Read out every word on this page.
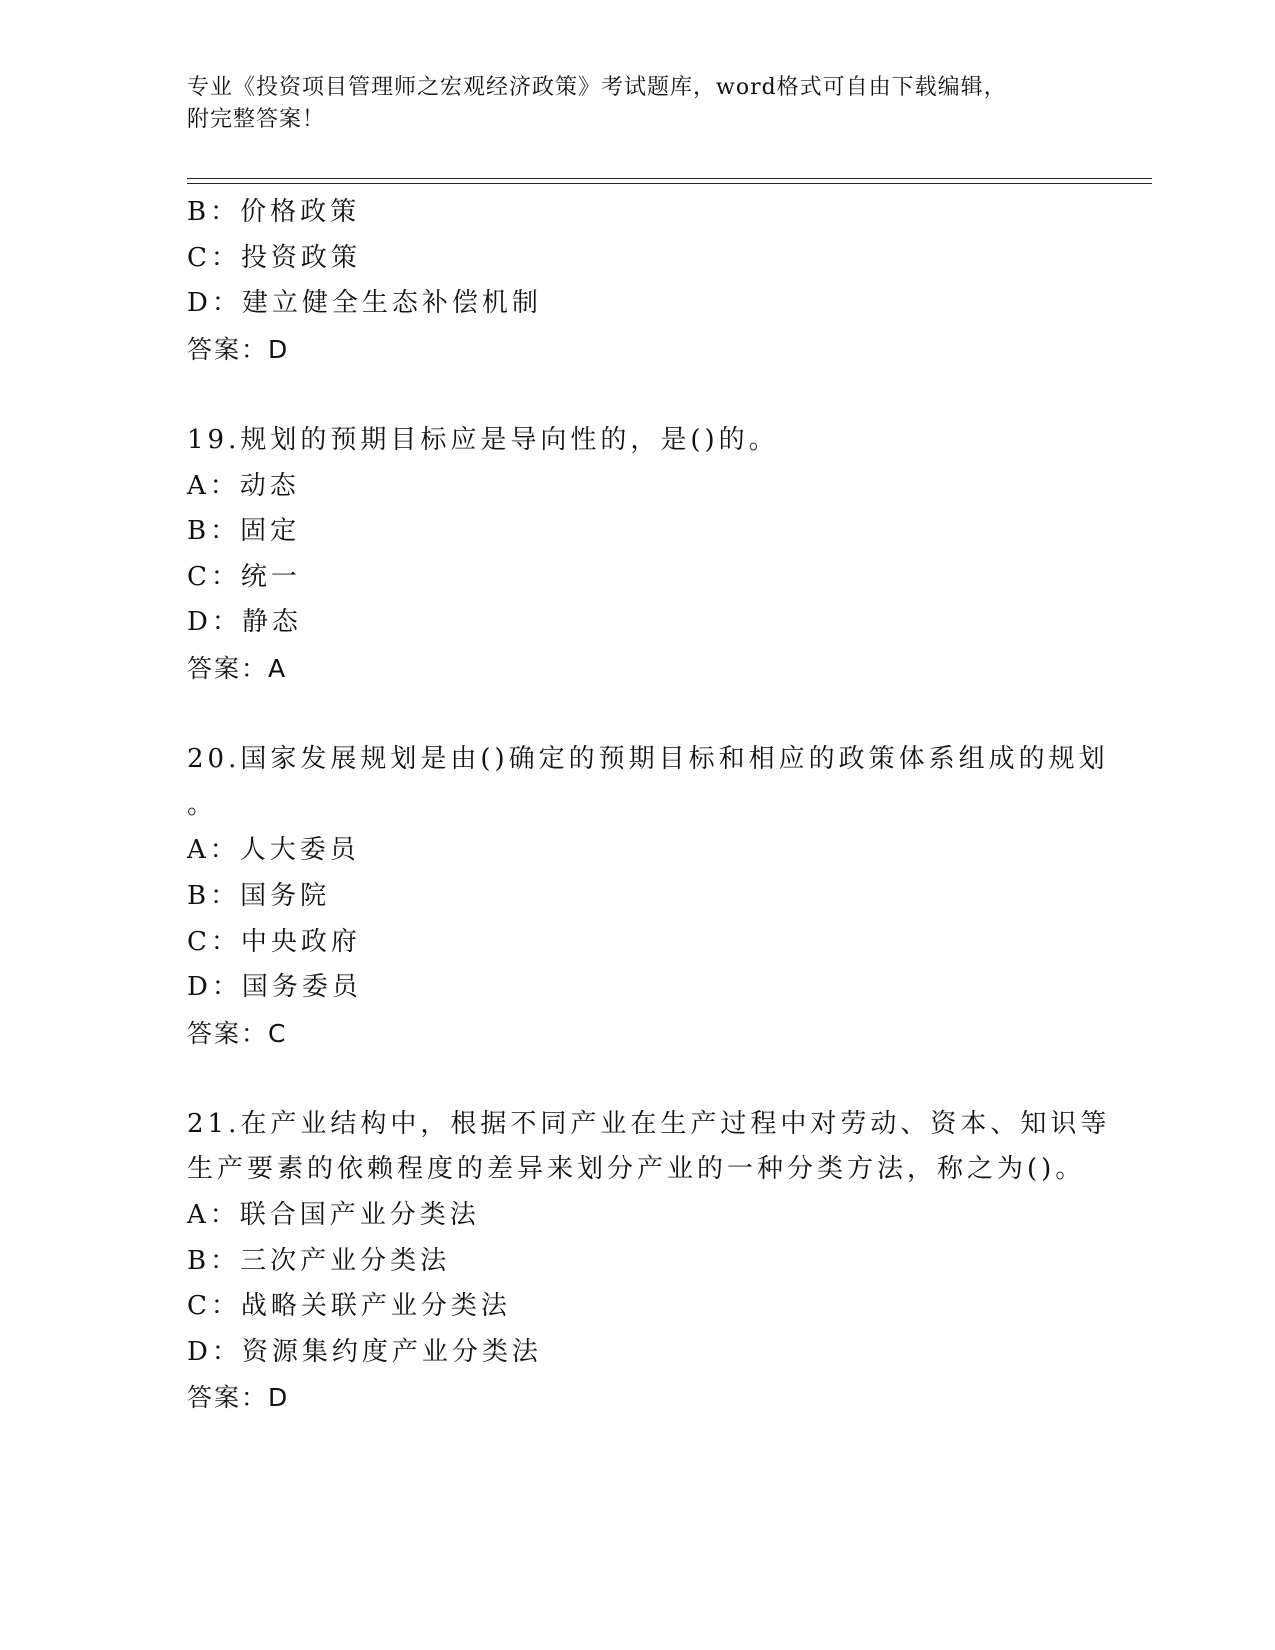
专业《投资项目管理师之宏观经济政策》考试题库，word格式可自由下载编辑，
附完整答案！
B：价格政策
C：投资政策
D：建立健全生态补偿机制
答案：D
19.规划的预期目标应是导向性的，是()的。
A：动态
B：固定
C：统一
D：静态
答案：A
20.国家发展规划是由()确定的预期目标和相应的政策体系组成的规划
。
A：人大委员
B：国务院
C：中央政府
D：国务委员
答案：C
21.在产业结构中，根据不同产业在生产过程中对劳动、资本、知识等
生产要素的依赖程度的差异来划分产业的一种分类方法，称之为()。
A：联合国产业分类法
B：三次产业分类法
C：战略关联产业分类法
D：资源集约度产业分类法
答案：D
